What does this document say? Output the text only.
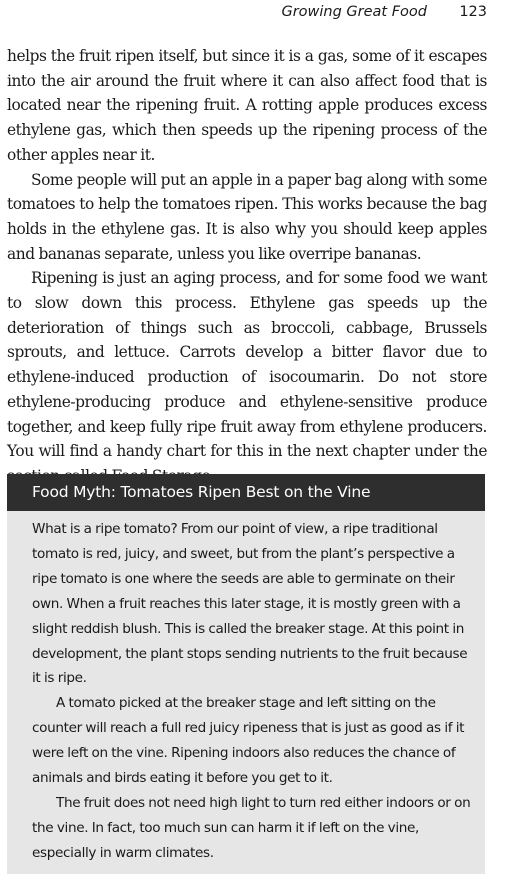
Growing Great Food 123

helps the fruit ripen itself, but since it is a gas, some of it escapes into the air around the fruit where it can also affect food that is located near the ripening fruit. A rotting apple produces excess ethylene gas, which then speeds up the ripening process of the other apples near it.

Some people will put an apple in a paper bag along with some tomatoes to help the tomatoes ripen. This works because the bag holds in the ethylene gas. It is also why you should keep apples and bananas separate, unless you like overripe bananas.

Ripening is just an aging process, and for some food we want to slow down this process. Ethylene gas speeds up the deterioration of things such as broccoli, cabbage, Brussels sprouts, and lettuce. Carrots develop a bitter flavor due to ethylene-induced production of isocoumarin. Do not store ethylene-producing produce and ethylene-sensitive produce together, and keep fully ripe fruit away from ethylene producers. You will find a handy chart for this in the next chapter under the

Food Myth: Tomatoes Ripen Best on the Vine

What is a ripe tomato? From our point of view, a ripe traditional tomato is red, juicy, and sweet, but from the plant’s perspective a ripe tomato is one where the seeds are able to germinate on their own. When a fruit reaches this later stage, it is mostly green with a slight reddish blush. This is called the breaker stage. At this point in development, the plant stops sending nutrients to the fruit because it is ripe.

A tomato picked at the breaker stage and left sitting on the counter will reach a full red juicy ripeness that is just as good as if it were left on the vine. Ripening indoors also reduces the chance of animals and birds eating it before you get to it.

The fruit does not need high light to turn red either indoors or on the vine. In fact, too much sun can harm it if left on the vine, especially in warm climates.
